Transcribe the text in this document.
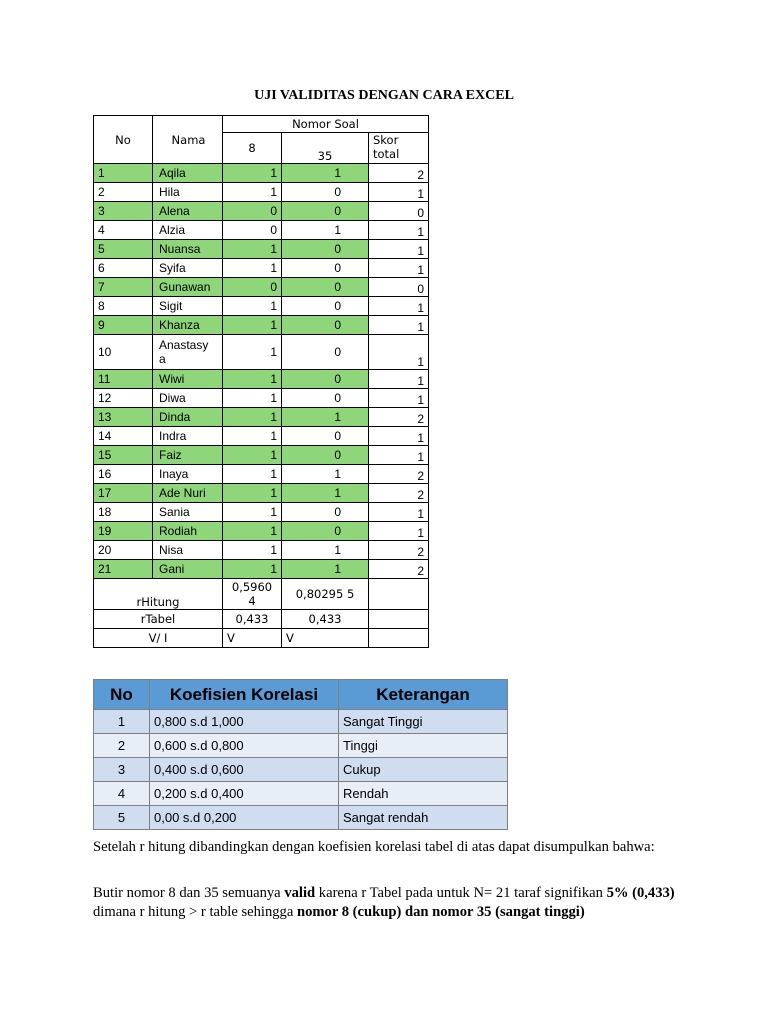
UJI VALIDITAS DENGAN CARA EXCEL
No	Nama	Nomor Soal		
		8	35	Skor total
1	Aqila	1	1	2
2	Hila	1	0	1
3	Alena	0	0	0
4	Alzia	0	1	1
5	Nuansa	1	0	1
6	Syifa	1	0	1
7	Gunawan	0	0	0
8	Sigit	1	0	1
9	Khanza	1	0	1
10	Anastasy a	1	0	1
11	Wiwi	1	0	1
12	Diwa	1	0	1
13	Dinda	1	1	2
14	Indra	1	0	1
15	Faiz	1	0	1
16	Inaya	1	1	2
17	Ade Nuri	1	1	2
18	Sania	1	0	1
19	Rodiah	1	0	1
20	Nisa	1	1	2
21	Gani	1	1	2
rHitung		0,5960 4	0,80295 5	
rTabel		0,433	0,433	
V/ I		V	V	
No	Koefisien Korelasi	Keterangan
1	0,800 s.d 1,000	Sangat Tinggi
2	0,600 s.d 0,800	Tinggi
3	0,400 s.d 0,600	Cukup
4	0,200 s.d 0,400	Rendah
5	0,00 s.d 0,200	Sangat rendah
Setelah r hitung dibandingkan dengan koefisien korelasi tabel di atas dapat disumpulkan bahwa:
Butir nomor 8 dan 35 semuanya valid karena r Tabel pada untuk N= 21 taraf signifikan 5% (0,433) dimana r hitung > r table sehingga nomor 8 (cukup) dan nomor 35 (sangat tinggi)
